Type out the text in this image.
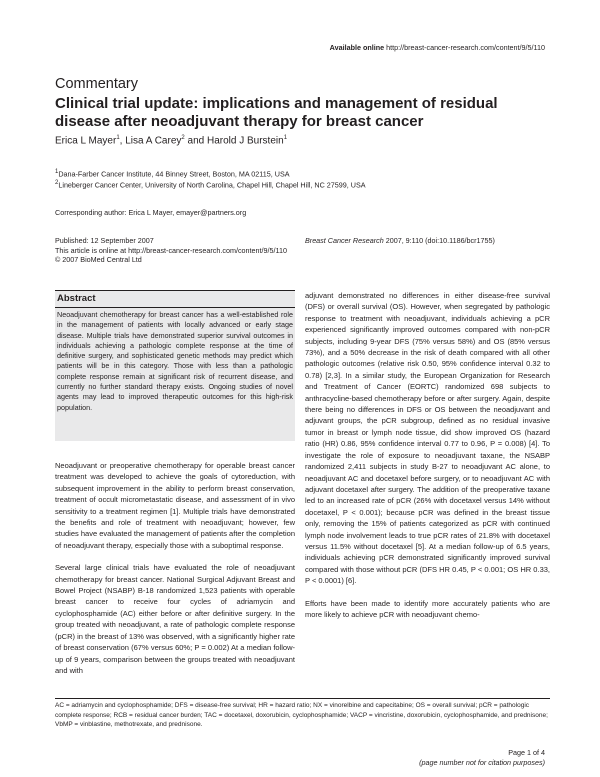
Available online http://breast-cancer-research.com/content/9/5/110
Commentary
Clinical trial update: implications and management of residual disease after neoadjuvant therapy for breast cancer
Erica L Mayer$^1$, Lisa A Carey$^2$ and Harold J Burstein$^1$
$^1$Dana-Farber Cancer Institute, 44 Binney Street, Boston, MA 02115, USA
$^2$Lineberger Cancer Center, University of North Carolina, Chapel Hill, Chapel Hill, NC 27599, USA
Corresponding author: Erica L Mayer, emayer@partners.org
Published: 12 September 2007
This article is online at http://breast-cancer-research.com/content/9/5/110
© 2007 BioMed Central Ltd
Breast Cancer Research 2007, 9:110 (doi:10.1186/bcr1755)
Abstract
Neoadjuvant chemotherapy for breast cancer has a well-established role in the management of patients with locally advanced or early stage disease. Multiple trials have demonstrated superior survival outcomes in individuals achieving a pathologic complete response at the time of definitive surgery, and sophisticated genetic methods may predict which patients will be in this category. Those with less than a pathologic complete response remain at significant risk of recurrent disease, and currently no further standard therapy exists. Ongoing studies of novel agents may lead to improved therapeutic outcomes for this high-risk population.

Neoadjuvant or preoperative chemotherapy for operable breast cancer treatment was developed to achieve the goals of cytoreduction, with subsequent improvement in the ability to perform breast conservation, treatment of occult micrometastatic disease, and assessment of in vivo sensitivity to a treatment regimen [1]. Multiple trials have demonstrated the benefits and role of treatment with neoadjuvant; however, few studies have evaluated the management of patients after the completion of neoadjuvant therapy, especially those with a suboptimal response.

Several large clinical trials have evaluated the role of neoadjuvant chemotherapy for breast cancer. National Surgical Adjuvant Breast and Bowel Project (NSABP) B-18 randomized 1,523 patients with operable breast cancer to receive four cycles of adriamycin and cyclophosphamide (AC) either before or after definitive surgery. In the group treated with neoadjuvant, a rate of pathologic complete response (pCR) in the breast of 13% was observed, with a significantly higher rate of breast conservation (67% versus 60%; P = 0.002) At a median follow-up of 9 years, comparison between the groups treated with neoadjuvant and with

adjuvant demonstrated no differences in either disease-free survival (DFS) or overall survival (OS). However, when segregated by pathologic response to treatment with neoadjuvant, individuals achieving a pCR experienced significantly improved outcomes compared with non-pCR subjects, including 9-year DFS (75% versus 58%) and OS (85% versus 73%), and a 50% decrease in the risk of death compared with all other pathologic outcomes (relative risk 0.50, 95% confidence interval 0.32 to 0.78) [2,3]. In a similar study, the European Organization for Research and Treatment of Cancer (EORTC) randomized 698 subjects to anthracycline-based chemotherapy before or after surgery. Again, despite there being no differences in DFS or OS between the neoadjuvant and adjuvant groups, the pCR subgroup, defined as no residual invasive tumor in breast or lymph node tissue, did show improved OS (hazard ratio (HR) 0.86, 95% confidence interval 0.77 to 0.96, P = 0.008) [4]. To investigate the role of exposure to neoadjuvant taxane, the NSABP randomized 2,411 subjects in study B-27 to neoadjuvant AC alone, to neoadjuvant AC and docetaxel before surgery, or to neoadjuvant AC with adjuvant docetaxel after surgery. The addition of the preoperative taxane led to an increased rate of pCR (26% with docetaxel versus 14% without docetaxel, P < 0.001); because pCR was defined in the breast tissue only, removing the 15% of patients categorized as pCR with continued lymph node involvement leads to true pCR rates of 21.8% with docetaxel versus 11.5% without docetaxel [5]. At a median follow-up of 6.5 years, individuals achieving pCR demonstrated significantly improved survival compared with those without pCR (DFS HR 0.45, P < 0.001; OS HR 0.33, P < 0.0001) [6].

Efforts have been made to identify more accurately patients who are more likely to achieve pCR with neoadjuvant chemo-

AC = adriamycin and cyclophosphamide; DFS = disease-free survival; HR = hazard ratio; NX = vinorelbine and capecitabine; OS = overall survival; pCR = pathologic complete response; RCB = residual cancer burden; TAC = docetaxel, doxorubicin, cyclophosphamide; VACP = vincristine, doxorubicin, cyclophosphamide, and prednisone; VbMP = vinblastine, methotrexate, and prednisone.
Page 1 of 4
(page number not for citation purposes)
